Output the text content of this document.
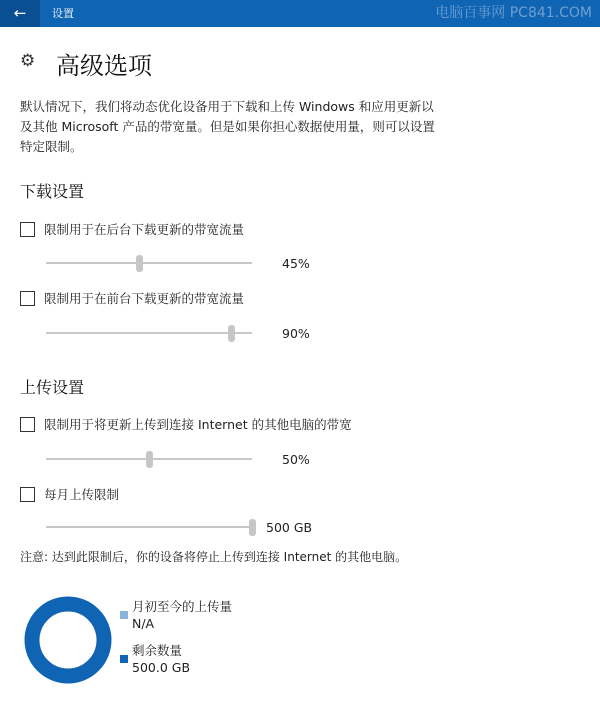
←	设置	电脑百事网 PC841.COM
⚙ 高级选项
默认情况下，我们将动态优化设备用于下载和上传 Windows 和应用更新以及其他 Microsoft 产品的带宽量。但是如果你担心数据使用量，则可以设置特定限制。
下载设置
限制用于在后台下载更新的带宽流量
45%
限制用于在前台下载更新的带宽流量
90%
上传设置
限制用于将更新上传到连接 Internet 的其他电脑的带宽
50%
每月上传限制
500 GB
注意: 达到此限制后，你的设备将停止上传到连接 Internet 的其他电脑。
月初至今的上传量
N/A
剩余数量
500.0 GB
